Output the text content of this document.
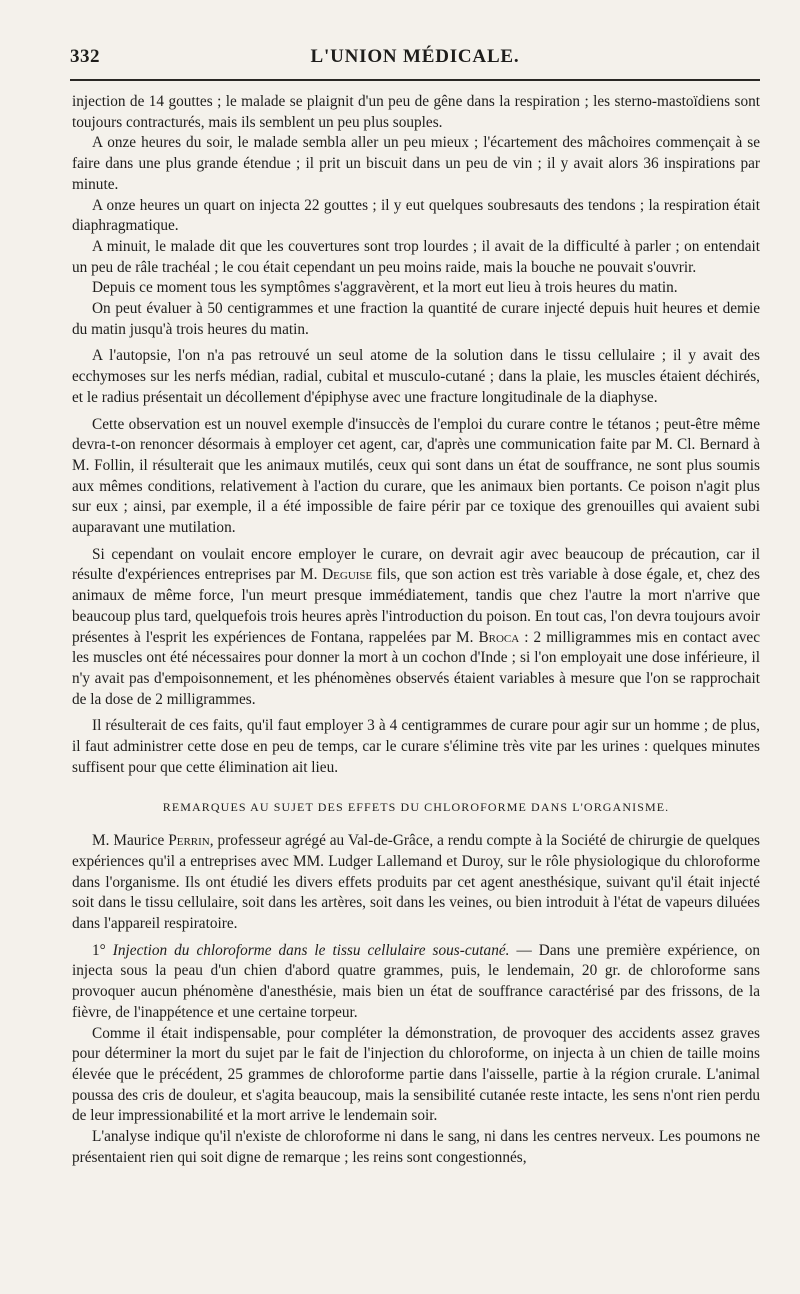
332	L'UNION MÉDICALE.

injection de 14 gouttes ; le malade se plaignit d'un peu de gêne dans la respiration ; les sterno-mastoïdiens sont toujours contracturés, mais ils semblent un peu plus souples.

A onze heures du soir, le malade sembla aller un peu mieux ; l'écartement des mâchoires commençait à se faire dans une plus grande étendue ; il prit un biscuit dans un peu de vin ; il y avait alors 36 inspirations par minute.

A onze heures un quart on injecta 22 gouttes ; il y eut quelques soubresauts des tendons ; la respiration était diaphragmatique.

A minuit, le malade dit que les couvertures sont trop lourdes ; il avait de la difficulté à parler ; on entendait un peu de râle trachéal ; le cou était cependant un peu moins raide, mais la bouche ne pouvait s'ouvrir.

Depuis ce moment tous les symptômes s'aggravèrent, et la mort eut lieu à trois heures du matin.

On peut évaluer à 50 centigrammes et une fraction la quantité de curare injecté depuis huit heures et demie du matin jusqu'à trois heures du matin.

A l'autopsie, l'on n'a pas retrouvé un seul atome de la solution dans le tissu cellulaire ; il y avait des ecchymoses sur les nerfs médian, radial, cubital et musculo-cutané ; dans la plaie, les muscles étaient déchirés, et le radius présentait un décollement d'épiphyse avec une fracture longitudinale de la diaphyse.

Cette observation est un nouvel exemple d'insuccès de l'emploi du curare contre le tétanos ; peut-être même devra-t-on renoncer désormais à employer cet agent, car, d'après une communication faite par M. Cl. Bernard à M. Follin, il résulterait que les animaux mutilés, ceux qui sont dans un état de souffrance, ne sont plus soumis aux mêmes conditions, relativement à l'action du curare, que les animaux bien portants. Ce poison n'agit plus sur eux ; ainsi, par exemple, il a été impossible de faire périr par ce toxique des grenouilles qui avaient subi auparavant une mutilation.

Si cependant on voulait encore employer le curare, on devrait agir avec beaucoup de précaution, car il résulte d'expériences entreprises par M. Deguise fils, que son action est très variable à dose égale, et, chez des animaux de même force, l'un meurt presque immédiatement, tandis que chez l'autre la mort n'arrive que beaucoup plus tard, quelquefois trois heures après l'introduction du poison. En tout cas, l'on devra toujours avoir présentes à l'esprit les expériences de Fontana, rappelées par M. Broca : 2 milligrammes mis en contact avec les muscles ont été nécessaires pour donner la mort à un cochon d'Inde ; si l'on employait une dose inférieure, il n'y avait pas d'empoisonnement, et les phénomènes observés étaient variables à mesure que l'on se rapprochait de la dose de 2 milligrammes.

Il résulterait de ces faits, qu'il faut employer 3 à 4 centigrammes de curare pour agir sur un homme ; de plus, il faut administrer cette dose en peu de temps, car le curare s'élimine très vite par les urines : quelques minutes suffisent pour que cette élimination ait lieu.

REMARQUES AU SUJET DES EFFETS DU CHLOROFORME DANS L'ORGANISME.

M. Maurice Perrin, professeur agrégé au Val-de-Grâce, a rendu compte à la Société de chirurgie de quelques expériences qu'il a entreprises avec MM. Ludger Lallemand et Duroy, sur le rôle physiologique du chloroforme dans l'organisme. Ils ont étudié les divers effets produits par cet agent anesthésique, suivant qu'il était injecté soit dans le tissu cellulaire, soit dans les artères, soit dans les veines, ou bien introduit à l'état de vapeurs diluées dans l'appareil respiratoire.

1° Injection du chloroforme dans le tissu cellulaire sous-cutané. — Dans une première expérience, on injecta sous la peau d'un chien d'abord quatre grammes, puis, le lendemain, 20 gr. de chloroforme sans provoquer aucun phénomène d'anesthésie, mais bien un état de souffrance caractérisé par des frissons, de la fièvre, de l'inappétence et une certaine torpeur.

Comme il était indispensable, pour compléter la démonstration, de provoquer des accidents assez graves pour déterminer la mort du sujet par le fait de l'injection du chloroforme, on injecta à un chien de taille moins élevée que le précédent, 25 grammes de chloroforme partie dans l'aisselle, partie à la région crurale. L'animal poussa des cris de douleur, et s'agita beaucoup, mais la sensibilité cutanée reste intacte, les sens n'ont rien perdu de leur impressionabilité et la mort arrive le lendemain soir.

L'analyse indique qu'il n'existe de chloroforme ni dans le sang, ni dans les centres nerveux. Les poumons ne présentaient rien qui soit digne de remarque ; les reins sont congestionnés,
